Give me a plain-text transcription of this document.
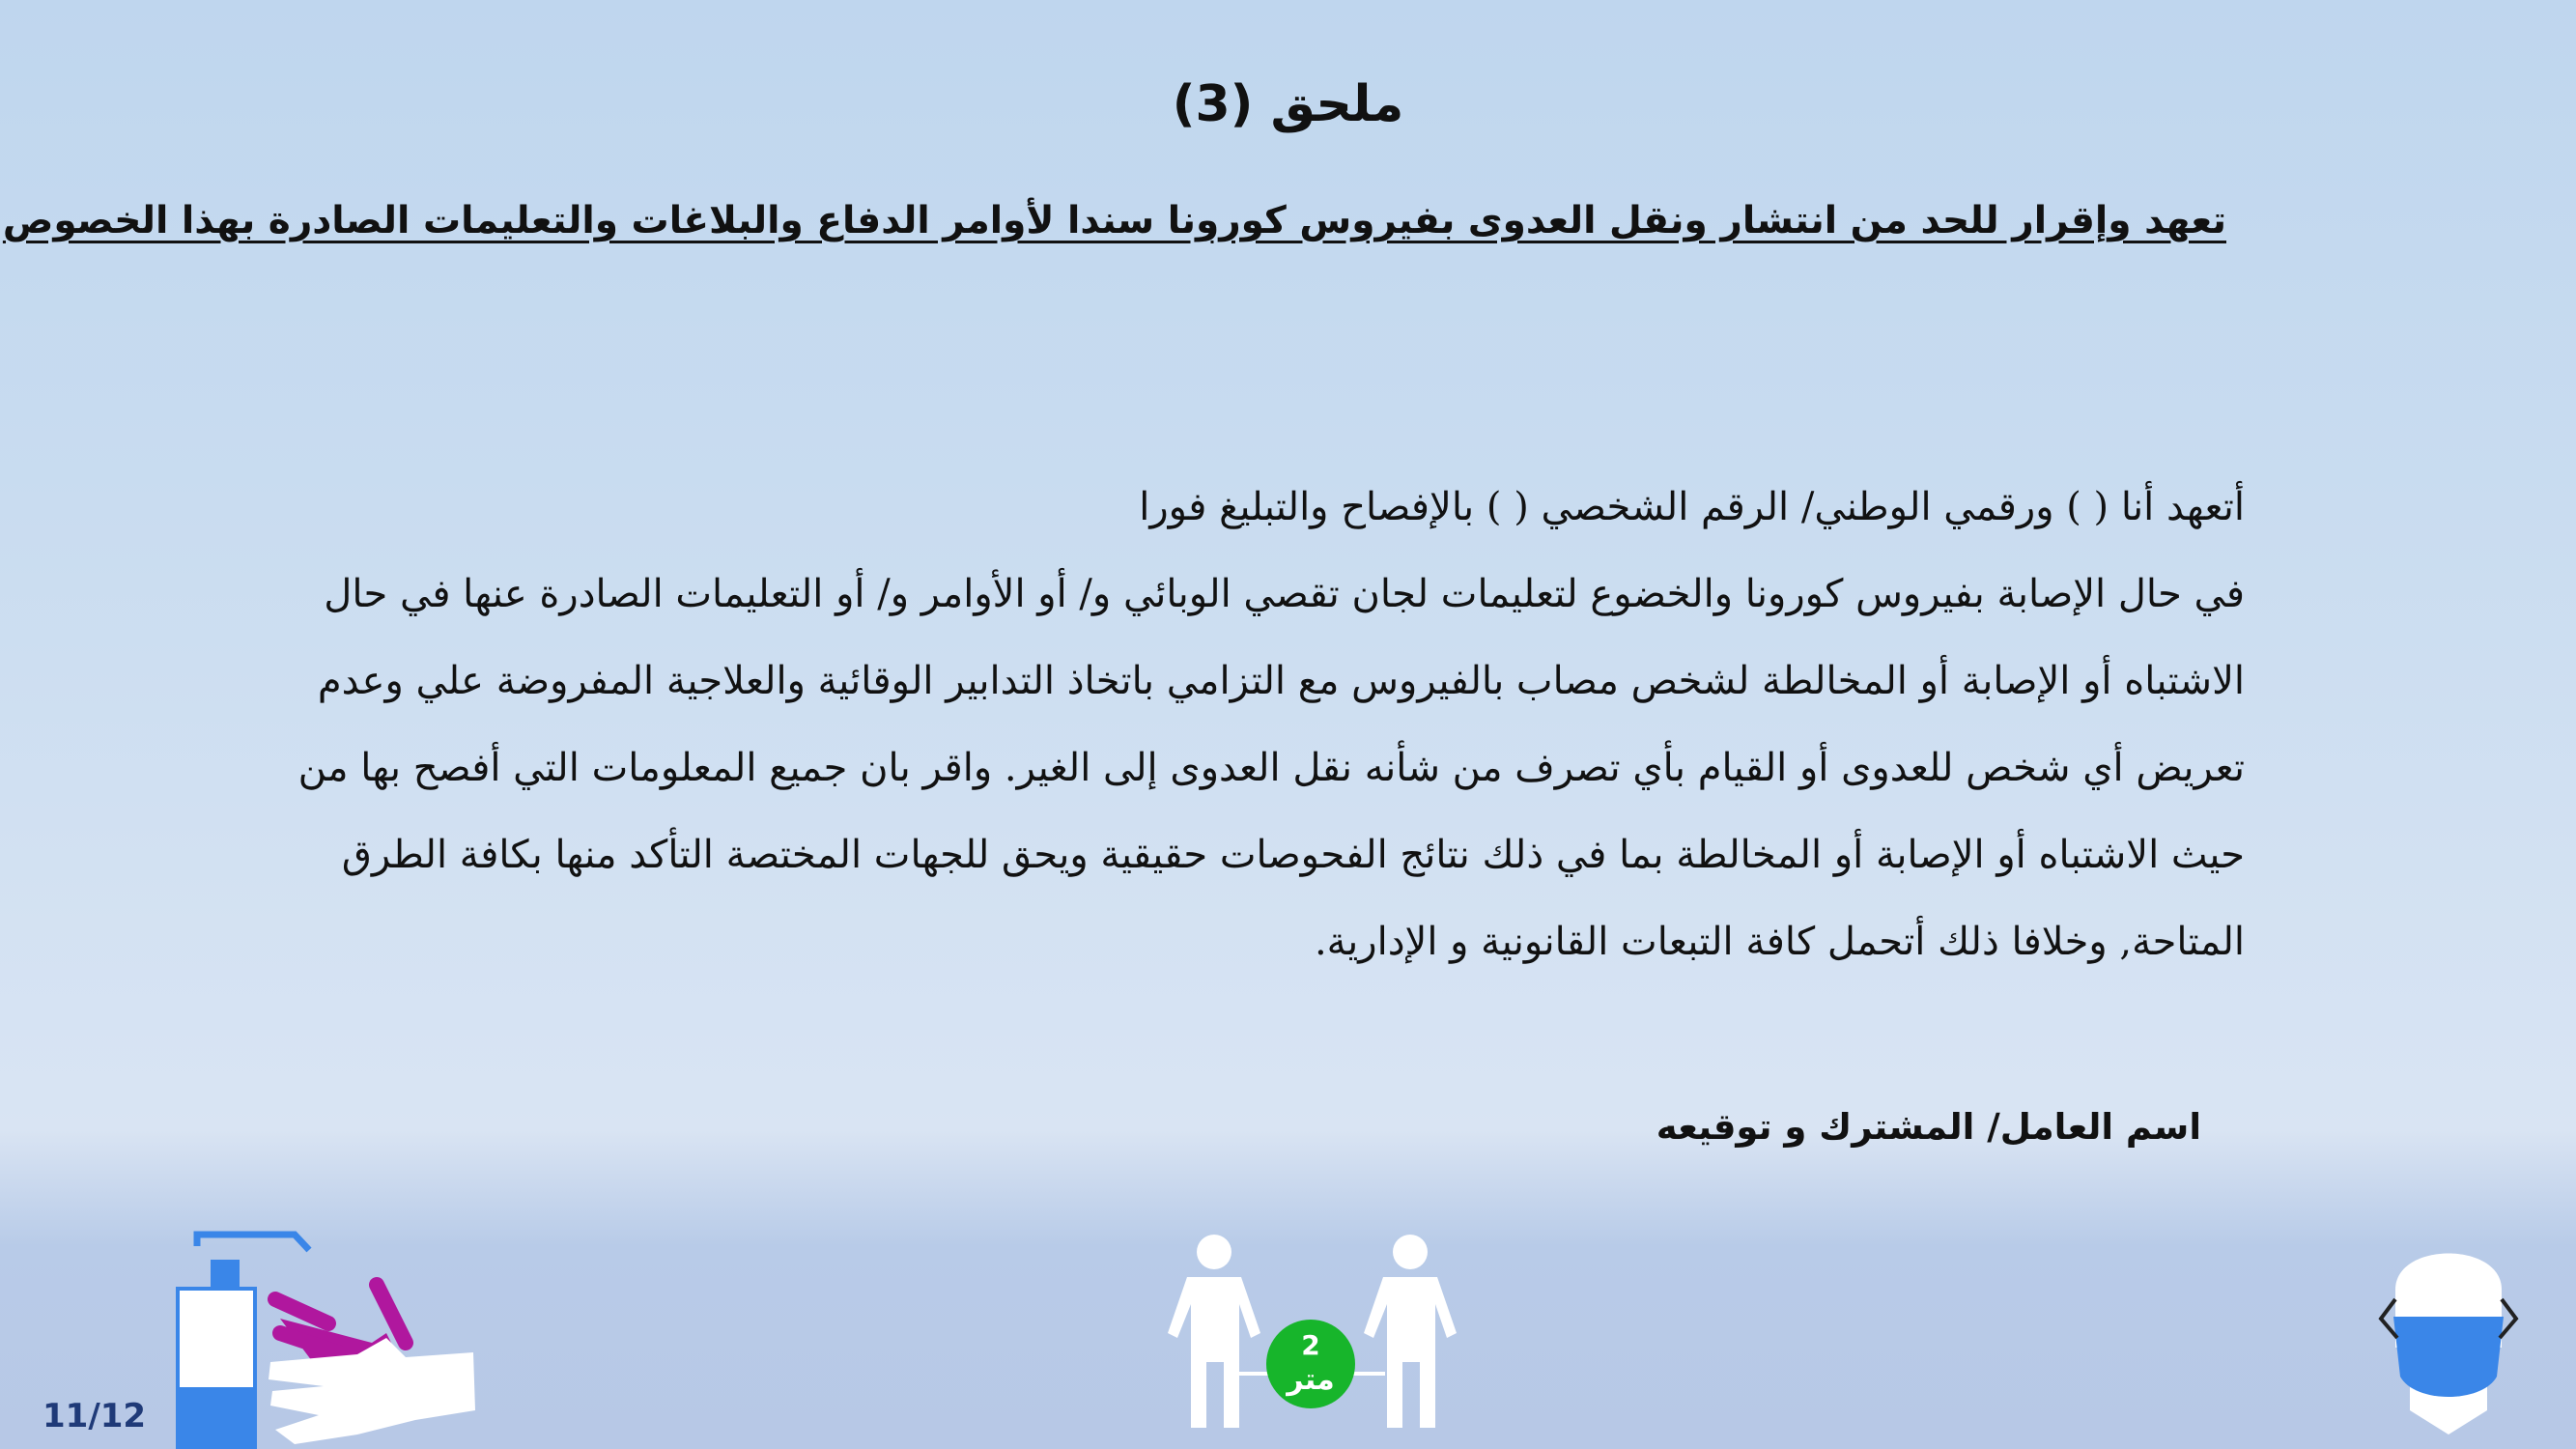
ملحق (3)
تعهد وإقرار للحد من انتشار ونقل العدوى بفيروس كورونا سندا لأوامر الدفاع والبلاغات والتعليمات الصادرة بهذا الخصوص
أتعهد أنا ( ) ورقمي الوطني/ الرقم الشخصي ( ) بالإفصاح والتبليغ فورا
في حال الإصابة بفيروس كورونا والخضوع لتعليمات لجان تقصي الوبائي و/ أو الأوامر و/ أو التعليمات الصادرة عنها في حال
الاشتباه أو الإصابة أو المخالطة لشخص مصاب بالفيروس مع التزامي باتخاذ التدابير الوقائية والعلاجية المفروضة علي وعدم
تعريض أي شخص للعدوى أو القيام بأي تصرف من شأنه نقل العدوى إلى الغير. واقر بان جميع المعلومات التي أفصح بها من
حيث الاشتباه أو الإصابة أو المخالطة بما في ذلك نتائج الفحوصات حقيقية ويحق للجهات المختصة التأكد منها بكافة الطرق
المتاحة, وخلافا ذلك أتحمل كافة التبعات القانونية و الإدارية.
اسم العامل/ المشترك و توقيعه
11/12
2
متر
